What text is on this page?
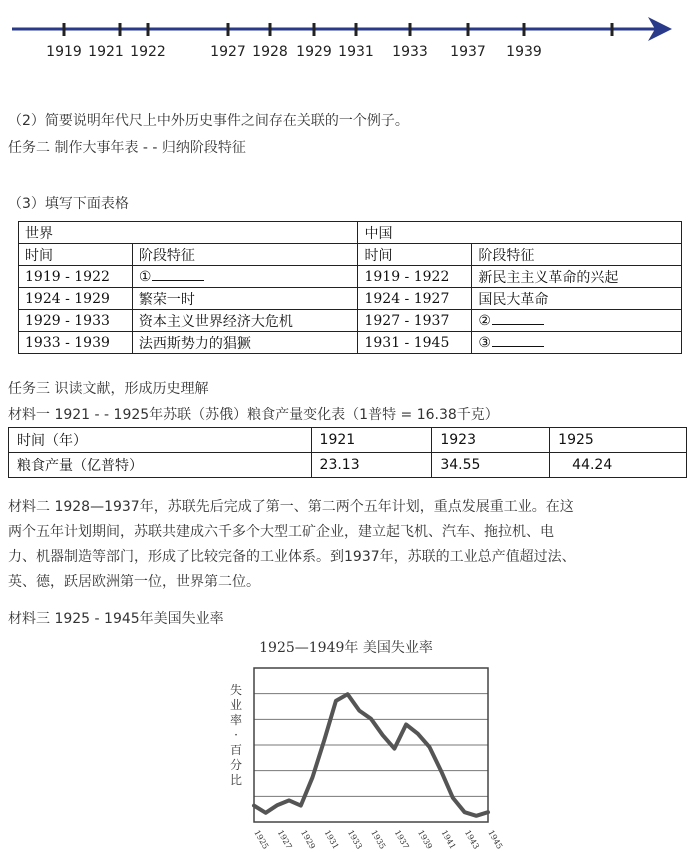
1919 1921 1922	1927 1928 1929 1931 1933 1937 1939
（2）简要说明年代尺上中外历史事件之间存在关联的一个例子。
任务二 制作大事年表 - - 归纳阶段特征
（3）填写下面表格
世界		中国	
时间	阶段特征	时间	阶段特征
1919 - 1922	①	1919 - 1922	新民主主义革命的兴起
1924 - 1929	繁荣一时	1924 - 1927	国民大革命
1929 - 1933	资本主义世界经济大危机	1927 - 1937	②
1933 - 1939	法西斯势力的猖獗	1931 - 1945	③
任务三 识读文献，形成历史理解
材料一 1921 - - 1925年苏联（苏俄）粮食产量变化表（1普特 = 16.38千克）
时间（年）	1921	1923	1925
粮食产量（亿普特）	23.13	34.55	44.24
材料二 1928—1937年，苏联先后完成了第一、第二两个五年计划，重点发展重工业。在这
两个五年计划期间，苏联共建成六千多个大型工矿企业，建立起飞机、汽车、拖拉机、电
力、机器制造等部门，形成了比较完备的工业体系。到1937年，苏联的工业总产值超过法、
英、德，跃居欧洲第一位，世界第二位。
材料三 1925 - 1945年美国失业率
1925—1949年 美国失业率
失
业
率
·
百
分
比
1925 1927 1929 1931 1933 1935 1937 1939 1941 1943 1945
